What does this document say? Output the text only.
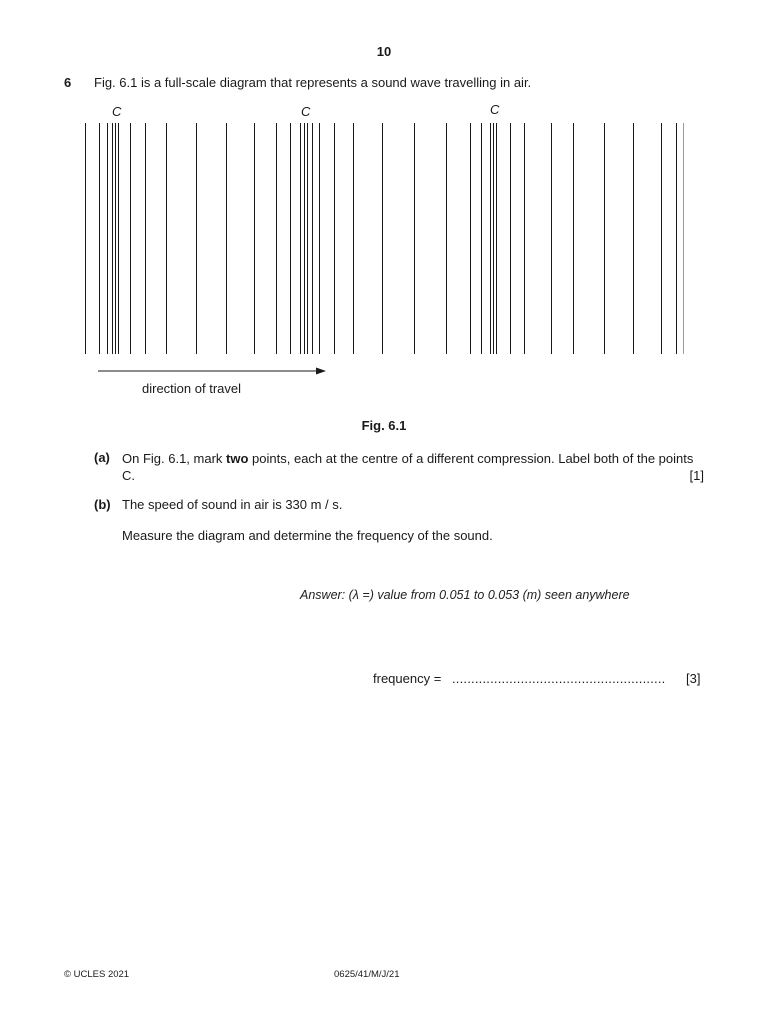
10
6 Fig. 6.1 is a full-scale diagram that represents a sound wave travelling in air.
C	C	C
direction of travel
Fig. 6.1
(a) On Fig. 6.1, mark two points, each at the centre of a different compression. Label both of the points C.	[1]
(b) The speed of sound in air is 330 m / s.
Measure the diagram and determine the frequency of the sound.
Answer: (λ =) value from 0.051 to 0.053 (m) seen anywhere
frequency = ........................................................ [3]
© UCLES 2021	0625/41/M/J/21
